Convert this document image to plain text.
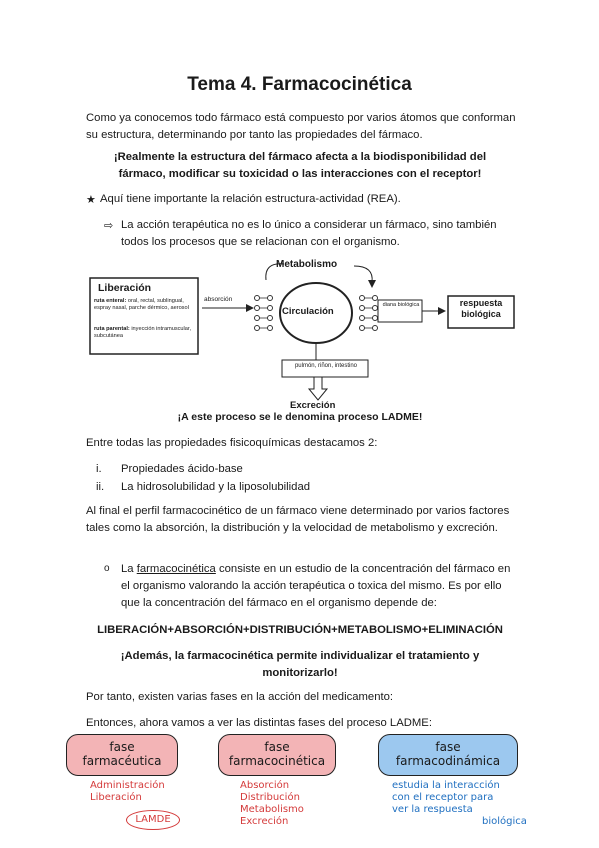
Tema 4. Farmacocinética
Como ya conocemos todo fármaco está compuesto por varios átomos que conforman su estructura, determinando por tanto las propiedades del fármaco.
¡Realmente la estructura del fármaco afecta a la biodisponibilidad del
fármaco, modificar su toxicidad o las interacciones con el receptor!
★ Aquí tiene importante la relación estructura-actividad (REA).
⇨ La acción terapéutica no es lo único a considerar un fármaco, sino también todos los procesos que se relacionan con el organismo.
Liberación
ruta enteral: oral, rectal, sublingual, espray nasal, parche dérmico, aerosol
ruta parental: inyección intramuscular, subcutánea
absorción
Metabolismo
Circulación
diana biológica	respuesta biológica
pulmón, riñon, intestino
Excreción
¡A este proceso se le denomina proceso LADME!
Entre todas las propiedades fisicoquímicas destacamos 2:
i. Propiedades ácido-base
ii. La hidrosolubilidad y la liposolubilidad
Al final el perfil farmacocinético de un fármaco viene determinado por varios factores tales como la absorción, la distribución y la velocidad de metabolismo y excreción.
o La farmacocinética consiste en un estudio de la concentración del fármaco en el organismo valorando la acción terapéutica o toxica del mismo. Es por ello que la concentración del fármaco en el organismo depende de:
LIBERACIÓN+ABSORCIÓN+DISTRIBUCIÓN+METABOLISMO+ELIMINACIÓN
¡Además, la farmacocinética permite individualizar el tratamiento y
monitorizarlo!
Por tanto, existen varias fases en la acción del medicamento:
Entonces, ahora vamos a ver las distintas fases del proceso LADME:
fase
farmacéutica
fase
farmacocinética
fase
farmacodinámica
Administración
Liberación
LAMDE
Absorción
Distribución
Metabolismo
Excreción
estudia la interacción
con el receptor para
ver la respuesta
biológica
